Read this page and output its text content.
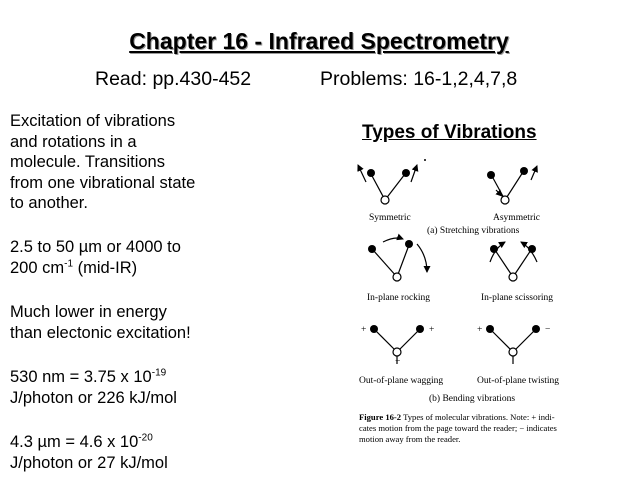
Chapter 16 - Infrared Spectrometry
Read: pp.430-452	Problems: 16-1,2,4,7,8
Excitation of vibrations
and rotations in a
molecule. Transitions
from one vibrational state
to another.
2.5 to 50 µm or 4000 to
200 $cm^{-1}$ (mid-IR)
Much lower in energy
than electonic excitation!
530 nm = 3.75 x $10^{-19}$
J/photon or 226 kJ/mol
4.3 µm = 4.6 x $10^{-20}$
J/photon or 27 kJ/mol
Types of Vibrations
+	+
−
+	−
Symmetric	Asymmetric
(a) Stretching vibrations
In-plane rocking	In-plane scissoring
Out-of-plane wagging	Out-of-plane twisting
(b) Bending vibrations
Figure 16-2 Types of molecular vibrations. Note: + indi-
cates motion from the page toward the reader; − indicates
motion away from the reader.
